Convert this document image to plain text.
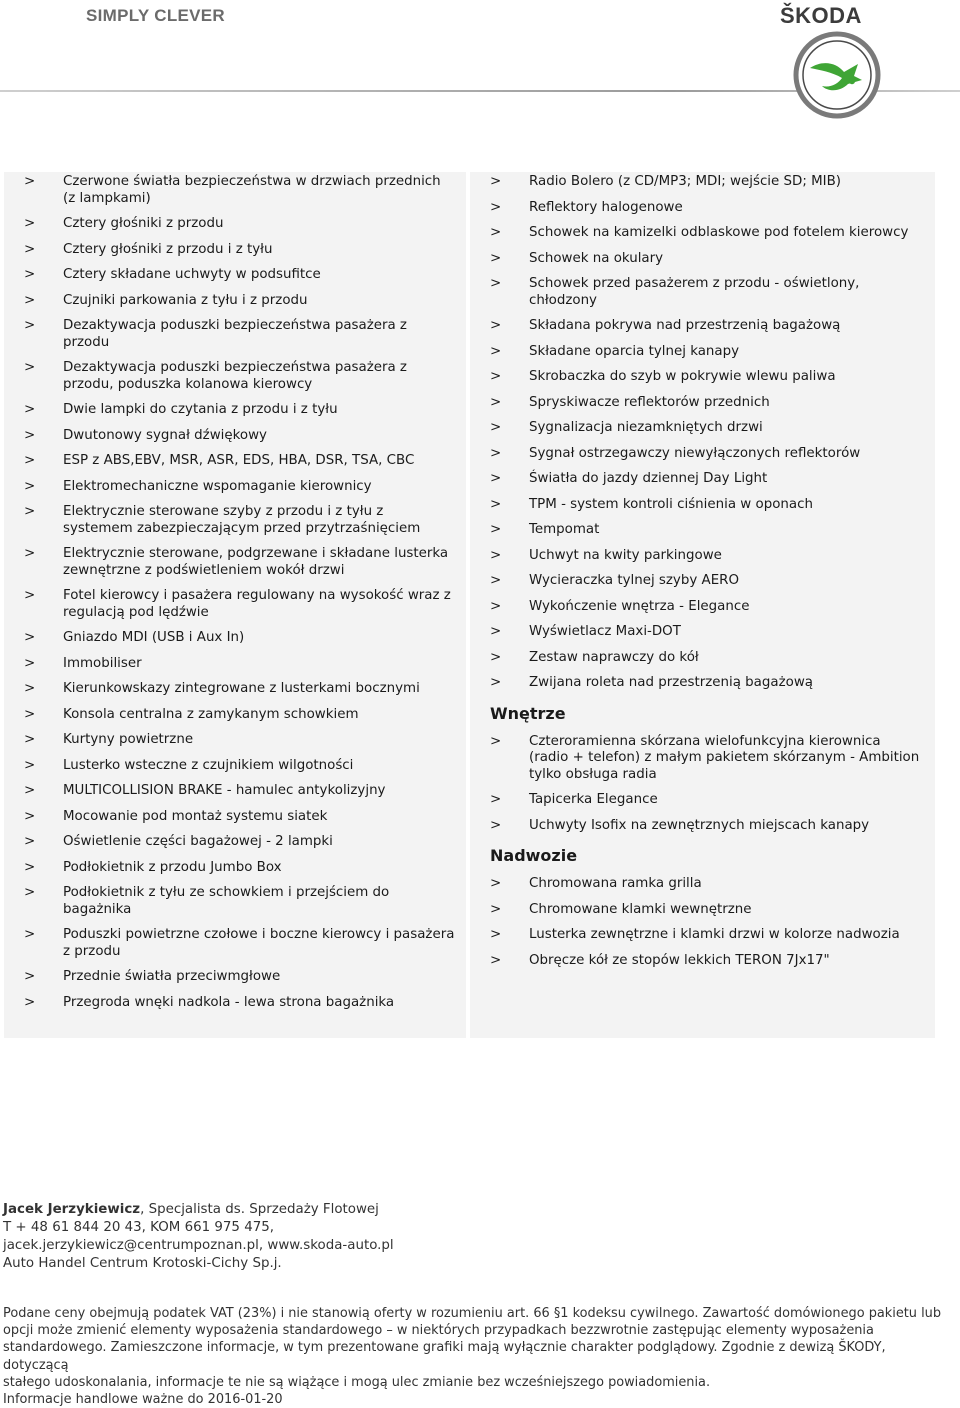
SIMPLY CLEVER	ŠKODA
> Czerwone światła bezpieczeństwa w drzwiach przednich (z lampkami)
> Cztery głośniki z przodu
> Cztery głośniki z przodu i z tyłu
> Cztery składane uchwyty w podsufitce
> Czujniki parkowania z tyłu i z przodu
> Dezaktywacja poduszki bezpieczeństwa pasażera z przodu
> Dezaktywacja poduszki bezpieczeństwa pasażera z przodu, poduszka kolanowa kierowcy
> Dwie lampki do czytania z przodu i z tyłu
> Dwutonowy sygnał dźwiękowy
> ESP z ABS,EBV, MSR, ASR, EDS, HBA, DSR, TSA, CBC
> Elektromechaniczne wspomaganie kierownicy
> Elektrycznie sterowane szyby z przodu i z tyłu z systemem zabezpieczającym przed przytrzaśnięciem
> Elektrycznie sterowane, podgrzewane i składane lusterka zewnętrzne z podświetleniem wokół drzwi
> Fotel kierowcy i pasażera regulowany na wysokość wraz z regulacją pod lędźwie
> Gniazdo MDI (USB i Aux In)
> Immobiliser
> Kierunkowskazy zintegrowane z lusterkami bocznymi
> Konsola centralna z zamykanym schowkiem
> Kurtyny powietrzne
> Lusterko wsteczne z czujnikiem wilgotności
> MULTICOLLISION BRAKE - hamulec antykolizyjny
> Mocowanie pod montaż systemu siatek
> Oświetlenie części bagażowej - 2 lampki
> Podłokietnik z przodu Jumbo Box
> Podłokietnik z tyłu ze schowkiem i przejściem do bagażnika
> Poduszki powietrzne czołowe i boczne kierowcy i pasażera z przodu
> Przednie światła przeciwmgłowe
> Przegroda wnęki nadkola - lewa strona bagażnika
> Radio Bolero (z CD/MP3; MDI; wejście SD; MIB)
> Reflektory halogenowe
> Schowek na kamizelki odblaskowe pod fotelem kierowcy
> Schowek na okulary
> Schowek przed pasażerem z przodu - oświetlony, chłodzony
> Składana pokrywa nad przestrzenią bagażową
> Składane oparcia tylnej kanapy
> Skrobaczka do szyb w pokrywie wlewu paliwa
> Spryskiwacze reflektorów przednich
> Sygnalizacja niezamkniętych drzwi
> Sygnał ostrzegawczy niewyłączonych reflektorów
> Światła do jazdy dziennej Day Light
> TPM - system kontroli ciśnienia w oponach
> Tempomat
> Uchwyt na kwity parkingowe
> Wycieraczka tylnej szyby AERO
> Wykończenie wnętrza - Elegance
> Wyświetlacz Maxi-DOT
> Zestaw naprawczy do kół
> Zwijana roleta nad przestrzenią bagażową
Wnętrze
> Czteroramienna skórzana wielofunkcyjna kierownica (radio + telefon) z małym pakietem skórzanym - Ambition tylko obsługa radia
> Tapicerka Elegance
> Uchwyty Isofix na zewnętrznych miejscach kanapy
Nadwozie
> Chromowana ramka grilla
> Chromowane klamki wewnętrzne
> Lusterka zewnętrzne i klamki drzwi w kolorze nadwozia
> Obręcze kół ze stopów lekkich TERON 7Jx17"
Jacek Jerzykiewicz, Specjalista ds. Sprzedaży Flotowej
T + 48 61 844 20 43, KOM 661 975 475,
jacek.jerzykiewicz@centrumpoznan.pl, www.skoda-auto.pl
Auto Handel Centrum Krotoski-Cichy Sp.j.
Podane ceny obejmują podatek VAT (23%) i nie stanowią oferty w rozumieniu art. 66 §1 kodeksu cywilnego. Zawartość domówionego pakietu lub
opcji może zmienić elementy wyposażenia standardowego – w niektórych przypadkach bezzwrotnie zastępując elementy wyposażenia
standardowego. Zamieszczone informacje, w tym prezentowane grafiki mają wyłącznie charakter podglądowy. Zgodnie z dewizą ŠKODY, dotyczącą
stałego udoskonalania, informacje te nie są wiążące i mogą ulec zmianie bez wcześniejszego powiadomienia.
Informacje handlowe ważne do 2016-01-20
